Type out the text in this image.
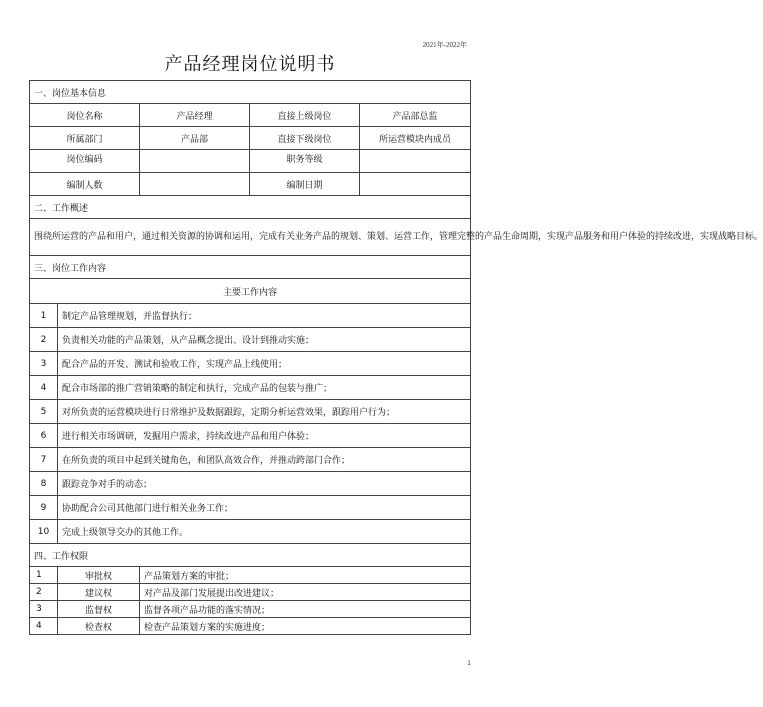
2021年-2022年
产品经理岗位说明书
一、岗位基本信息				
岗位名称		产品经理	直接上级岗位	产品部总监
所属部门		产品部	直接下级岗位	所运营模块内成员
岗位编码			职务等级	
编制人数			编制日期	
二、工作概述				
围绕所运营的产品和用户，通过相关资源的协调和运用，完成有关业务产品的规划、策划、运营工作，管理完整的产品生命周期，实现产品服务和用户体验的持续改进，实现战略目标。				
三、岗位工作内容				
主要工作内容				
1	制定产品管理规划，并监督执行；			
2	负责相关功能的产品策划，从产品概念提出、设计到推动实施；			
3	配合产品的开发、测试和验收工作，实现产品上线使用；			
4	配合市场部的推广营销策略的制定和执行，完成产品的包装与推广；			
5	对所负责的运营模块进行日常维护及数据跟踪，定期分析运营效果，跟踪用户行为；			
6	进行相关市场调研，发掘用户需求，持续改进产品和用户体验；			
7	在所负责的项目中起到关键角色，和团队高效合作，并推动跨部门合作；			
8	跟踪竞争对手的动态；			
9	协助配合公司其他部门进行相关业务工作；			
10	完成上级领导交办的其他工作。			
四、工作权限				
1	审批权	产品策划方案的审批；		
2	建议权	对产品及部门发展提出改进建议；		
3	监督权	监督各项产品功能的落实情况；		
4	检查权	检查产品策划方案的实施进度；		
1
